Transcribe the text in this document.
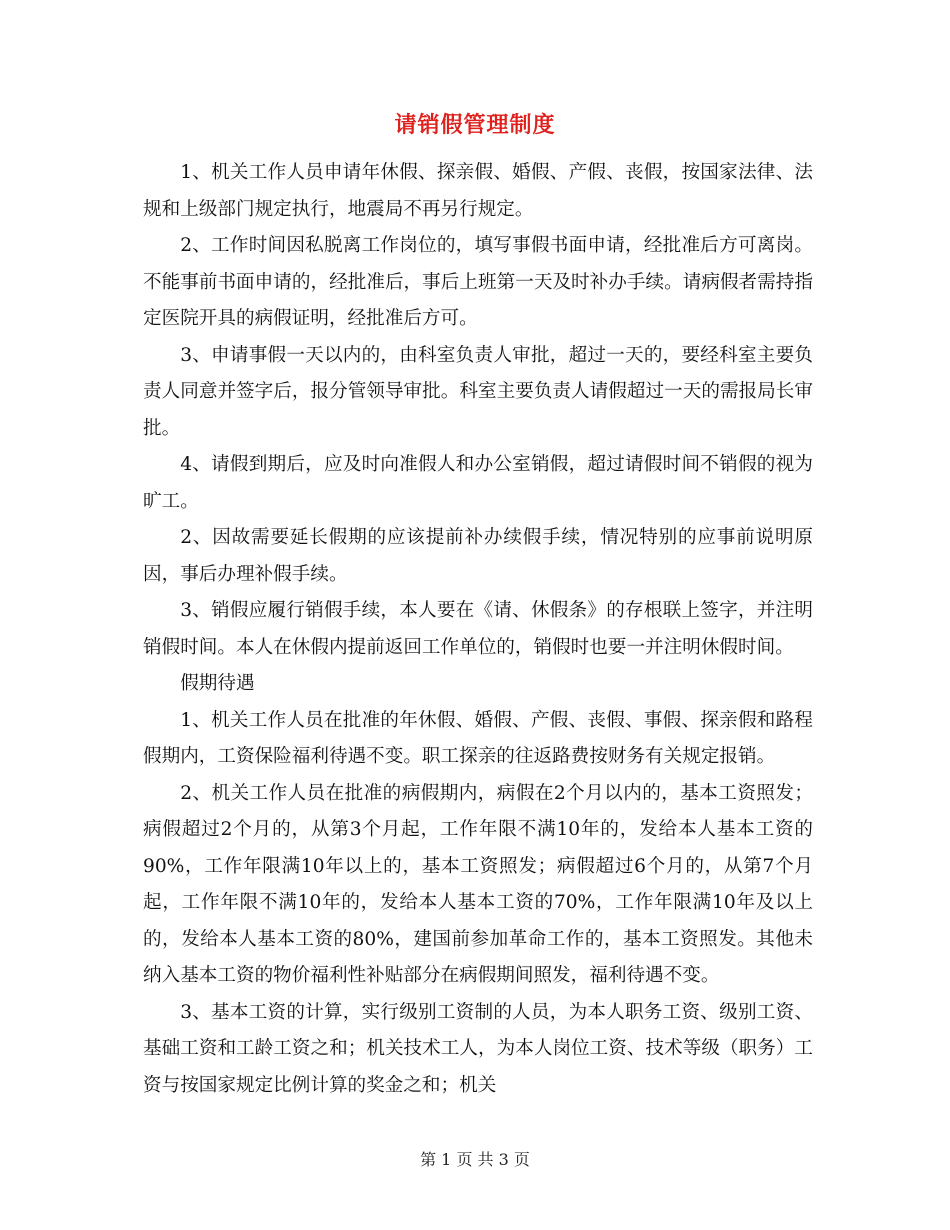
请销假管理制度

1、机关工作人员申请年休假、探亲假、婚假、产假、丧假，按国家法律、法规和上级部门规定执行，地震局不再另行规定。

2、工作时间因私脱离工作岗位的，填写事假书面申请，经批准后方可离岗。不能事前书面申请的，经批准后，事后上班第一天及时补办手续。请病假者需持指定医院开具的病假证明，经批准后方可。

3、申请事假一天以内的，由科室负责人审批，超过一天的，要经科室主要负责人同意并签字后，报分管领导审批。科室主要负责人请假超过一天的需报局长审批。

4、请假到期后，应及时向准假人和办公室销假，超过请假时间不销假的视为旷工。

2、因故需要延长假期的应该提前补办续假手续，情况特别的应事前说明原因，事后办理补假手续。

3、销假应履行销假手续，本人要在《请、休假条》的存根联上签字，并注明销假时间。本人在休假内提前返回工作单位的，销假时也要一并注明休假时间。

假期待遇

1、机关工作人员在批准的年休假、婚假、产假、丧假、事假、探亲假和路程假期内，工资保险福利待遇不变。职工探亲的往返路费按财务有关规定报销。

2、机关工作人员在批准的病假期内，病假在2个月以内的，基本工资照发；病假超过2个月的，从第3个月起，工作年限不满10年的，发给本人基本工资的90%，工作年限满10年以上的，基本工资照发；病假超过6个月的，从第7个月起，工作年限不满10年的，发给本人基本工资的70%，工作年限满10年及以上的，发给本人基本工资的80%，建国前参加革命工作的，基本工资照发。其他未纳入基本工资的物价福利性补贴部分在病假期间照发，福利待遇不变。

3、基本工资的计算，实行级别工资制的人员，为本人职务工资、级别工资、基础工资和工龄工资之和；机关技术工人，为本人岗位工资、技术等级（职务）工资与按国家规定比例计算的奖金之和；机关

第 1 页 共 3 页
